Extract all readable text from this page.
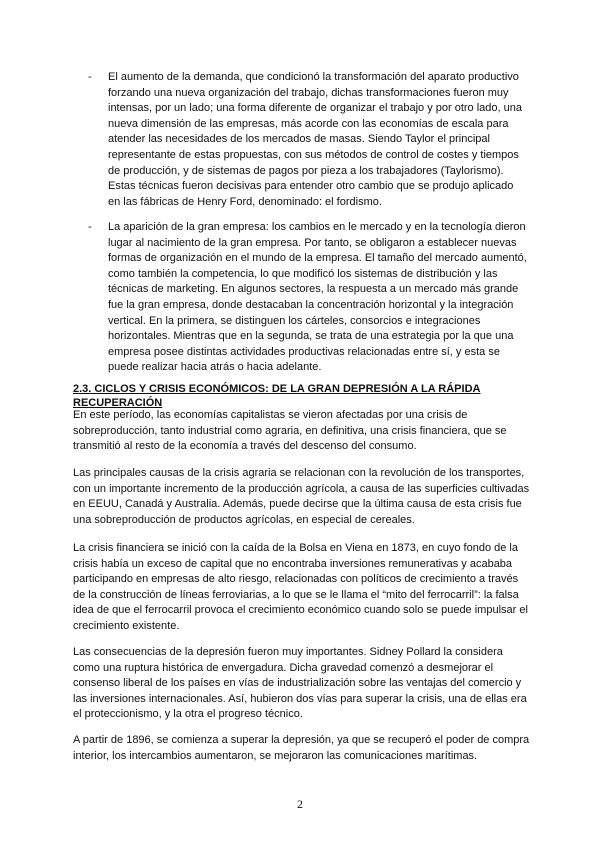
- El aumento de la demanda, que condicionó la transformación del aparato productivo forzando una nueva organización del trabajo, dichas transformaciones fueron muy intensas, por un lado; una forma diferente de organizar el trabajo y por otro lado, una nueva dimensión de las empresas, más acorde con las economías de escala para atender las necesidades de los mercados de masas. Siendo Taylor el principal representante de estas propuestas, con sus métodos de control de costes y tiempos de producción, y de sistemas de pagos por pieza a los trabajadores (Taylorismo). Estas técnicas fueron decisivas para entender otro cambio que se produjo aplicado en las fábricas de Henry Ford, denominado: el fordismo.
- La aparición de la gran empresa: los cambios en le mercado y en la tecnología dieron lugar al nacimiento de la gran empresa. Por tanto, se obligaron a establecer nuevas formas de organización en el mundo de la empresa. El tamaño del mercado aumentó, como también la competencia, lo que modificó los sistemas de distribución y las técnicas de marketing. En algunos sectores, la respuesta a un mercado más grande fue la gran empresa, donde destacaban la concentración horizontal y la integración vertical. En la primera, se distinguen los cárteles, consorcios e integraciones horizontales. Mientras que en la segunda, se trata de una estrategia por la que una empresa posee distintas actividades productivas relacionadas entre sí, y esta se puede realizar hacia atrás o hacia adelante.

2.3. CICLOS Y CRISIS ECONÓMICOS: DE LA GRAN DEPRESIÓN A LA RÁPIDA RECUPERACIÓN

En este período, las economías capitalistas se vieron afectadas por una crisis de sobreproducción, tanto industrial como agraria, en definitiva, una crisis financiera, que se transmitió al resto de la economía a través del descenso del consumo.

Las principales causas de la crisis agraria se relacionan con la revolución de los transportes, con un importante incremento de la producción agrícola, a causa de las superficies cultivadas en EEUU, Canadá y Australia. Además, puede decirse que la última causa de esta crisis fue una sobreproducción de productos agrícolas, en especial de cereales.

La crisis financiera se inició con la caída de la Bolsa en Viena en 1873, en cuyo fondo de la crisis había un exceso de capital que no encontraba inversiones remunerativas y acababa participando en empresas de alto riesgo, relacionadas con políticos de crecimiento a través de la construcción de líneas ferroviarias, a lo que se le llama el “mito del ferrocarril”: la falsa idea de que el ferrocarril provoca el crecimiento económico cuando solo se puede impulsar el crecimiento existente.

Las consecuencias de la depresión fueron muy importantes. Sidney Pollard la considera como una ruptura histórica de envergadura. Dicha gravedad comenzó a desmejorar el consenso liberal de los países en vías de industrialización sobre las ventajas del comercio y las inversiones internacionales. Así, hubieron dos vías para superar la crisis, una de ellas era el proteccionismo, y la otra el progreso técnico.

A partir de 1896, se comienza a superar la depresión, ya que se recuperó el poder de compra interior, los intercambios aumentaron, se mejoraron las comunicaciones marítimas.

2
